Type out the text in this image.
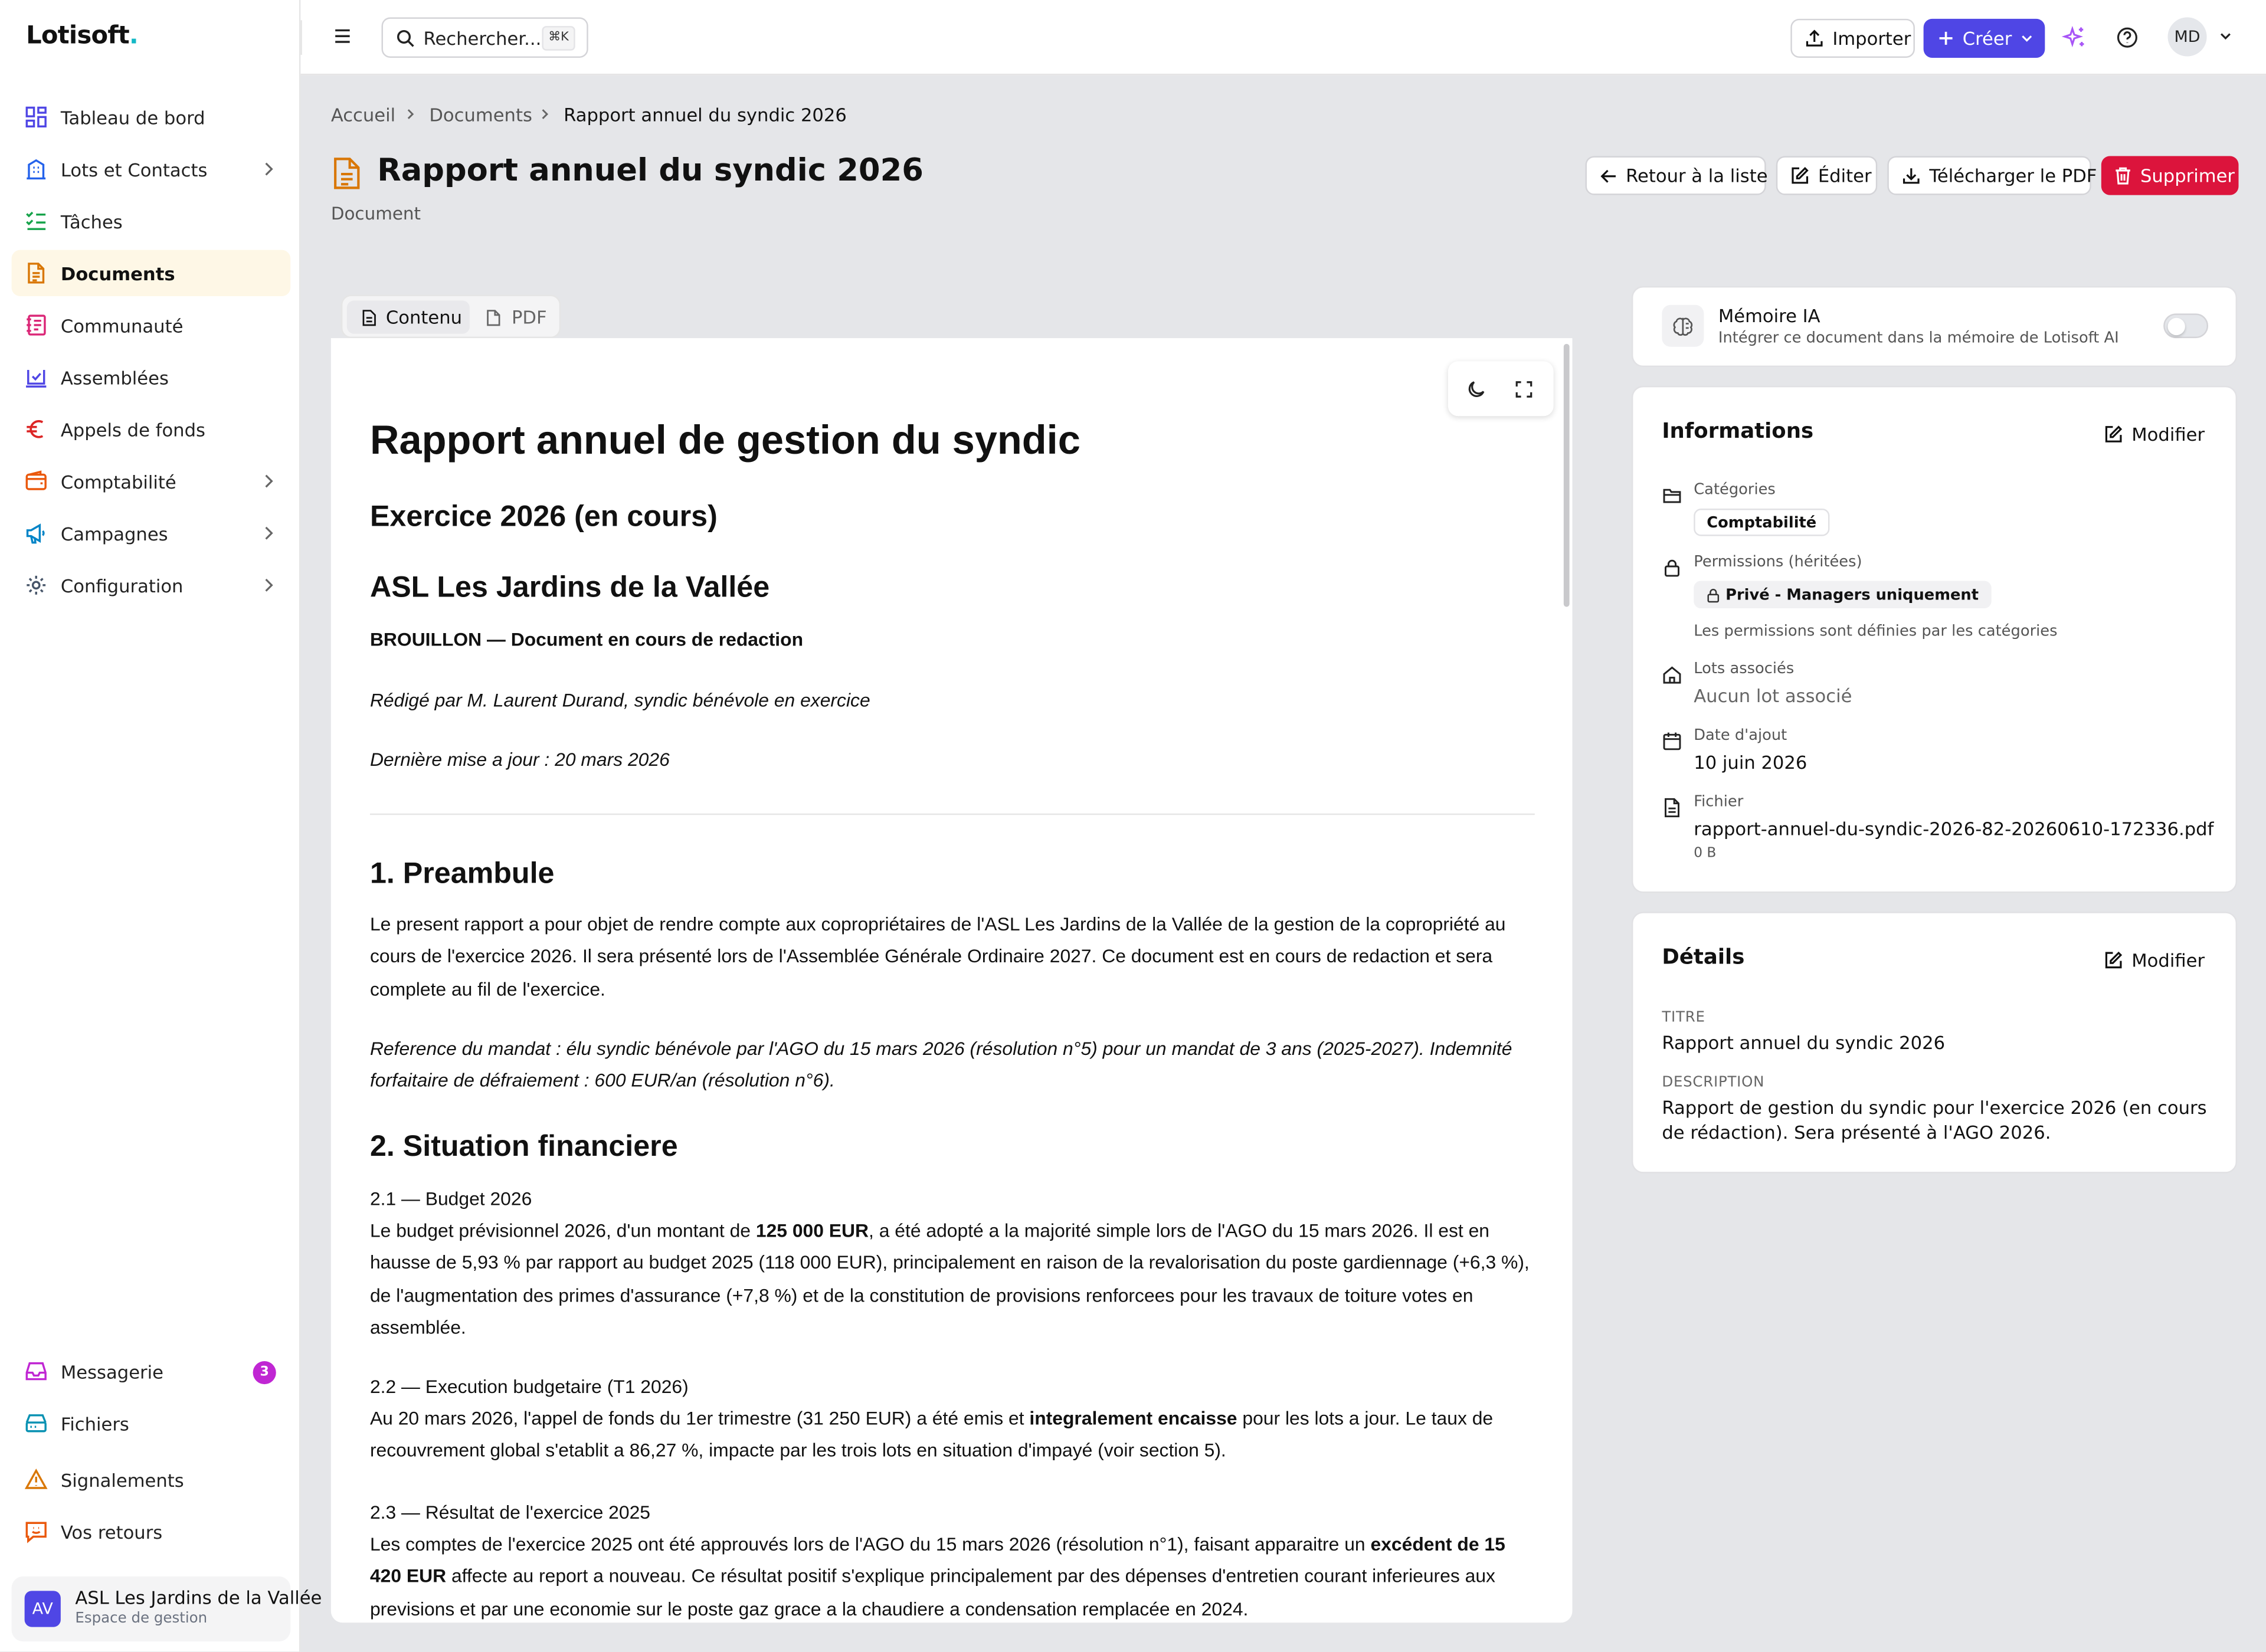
Lotisoft.
Tableau de bord
Lots et Contacts
Tâches
Documents
Communauté
Assemblées
Appels de fonds
Comptabilité
Campagnes
Configuration
Messagerie	3
Fichiers
Signalements
Vos retours
AV
ASL Les Jardins de la Vallée
Espace de gestion
Rechercher...	⌘K	Importer	Créer	MD
Accueil	Documents	Rapport annuel du syndic 2026
Rapport annuel du syndic 2026
Document
Retour à la liste	Éditer	Télécharger le PDF	Supprimer
Contenu	PDF
Rapport annuel de gestion du syndic
Exercice 2026 (en cours)
ASL Les Jardins de la Vallée
BROUILLON — Document en cours de redaction
Rédigé par M. Laurent Durand, syndic bénévole en exercice
Dernière mise a jour : 20 mars 2026
1. Preambule
Le present rapport a pour objet de rendre compte aux copropriétaires de l'ASL Les Jardins de la Vallée de la gestion de la copropriété au cours de l'exercice 2026. Il sera présenté lors de l'Assemblée Générale Ordinaire 2027. Ce document est en cours de redaction et sera complete au fil de l'exercice.
Reference du mandat : élu syndic bénévole par l'AGO du 15 mars 2026 (résolution n°5) pour un mandat de 3 ans (2025-2027). Indemnité forfaitaire de défraiement : 600 EUR/an (résolution n°6).
2. Situation financiere
2.1 — Budget 2026
Le budget prévisionnel 2026, d'un montant de 125 000 EUR, a été adopté a la majorité simple lors de l'AGO du 15 mars 2026. Il est en hausse de 5,93 % par rapport au budget 2025 (118 000 EUR), principalement en raison de la revalorisation du poste gardiennage (+6,3 %), de l'augmentation des primes d'assurance (+7,8 %) et de la constitution de provisions renforcees pour les travaux de toiture votes en assemblée.
2.2 — Execution budgetaire (T1 2026)
Au 20 mars 2026, l'appel de fonds du 1er trimestre (31 250 EUR) a été emis et integralement encaisse pour les lots a jour. Le taux de recouvrement global s'etablit a 86,27 %, impacte par les trois lots en situation d'impayé (voir section 5).
2.3 — Résultat de l'exercice 2025
Les comptes de l'exercice 2025 ont été approuvés lors de l'AGO du 15 mars 2026 (résolution n°1), faisant apparaitre un excédent de 15 420 EUR affecte au report a nouveau. Ce résultat positif s'explique principalement par des dépenses d'entretien courant inferieures aux previsions et par une economie sur le poste gaz grace a la chaudiere a condensation remplacée en 2024.
Mémoire IA
Intégrer ce document dans la mémoire de Lotisoft AI
Informations	Modifier
Catégories
Comptabilité
Permissions (héritées)
Privé - Managers uniquement
Les permissions sont définies par les catégories
Lots associés
Aucun lot associé
Date d'ajout
10 juin 2026
Fichier
rapport-annuel-du-syndic-2026-82-20260610-172336.pdf
0 B
Détails	Modifier
TITRE
Rapport annuel du syndic 2026
DESCRIPTION
Rapport de gestion du syndic pour l'exercice 2026 (en cours de rédaction). Sera présenté à l'AGO 2026.
